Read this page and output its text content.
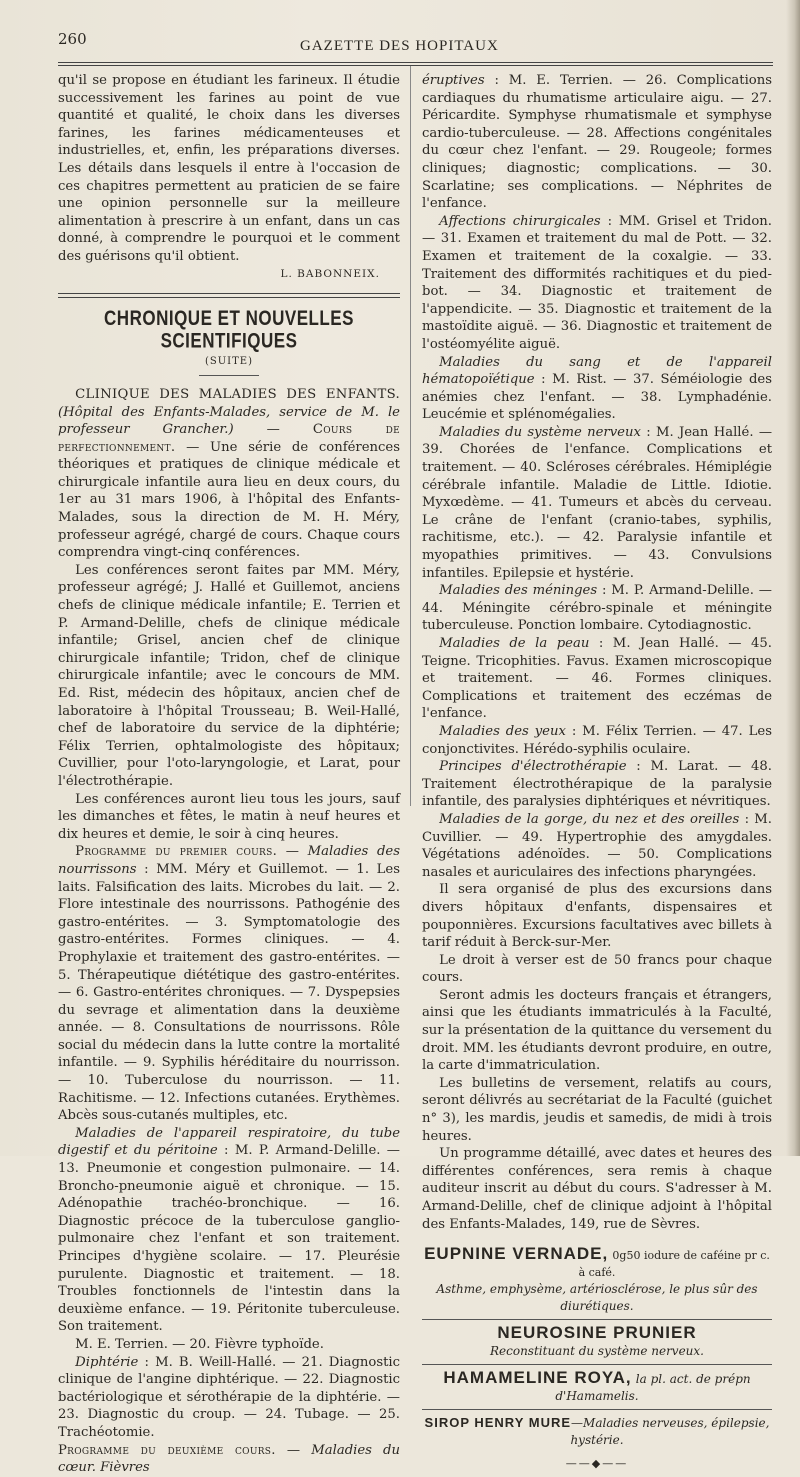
260	GAZETTE DES HOPITAUX

qu'il se propose en étudiant les farineux. Il étudie successivement les farines au point de vue quantité et qualité, le choix dans les diverses farines, les farines médicamenteuses et industrielles, et, enfin, les préparations diverses. Les détails dans lesquels il entre à l'occasion de ces chapitres permettent au praticien de se faire une opinion personnelle sur la meilleure alimentation à prescrire à un enfant, dans un cas donné, à comprendre le pourquoi et le comment des guérisons qu'il obtient.

L. BABONNEIX.
CHRONIQUE ET NOUVELLES SCIENTIFIQUES
(SUITE)

CLINIQUE DES MALADIES DES ENFANTS. (Hôpital des Enfants-Malades, service de M. le professeur Grancher.) — Cours de perfectionnement. — Une série de conférences théoriques et pratiques de clinique médicale et chirurgicale infantile aura lieu en deux cours, du 1er au 31 mars 1906, à l'hôpital des Enfants-Malades, sous la direction de M. H. Méry, professeur agrégé, chargé de cours. Chaque cours comprendra vingt-cinq conférences.

Les conférences seront faites par MM. Méry, professeur agrégé; J. Hallé et Guillemot, anciens chefs de clinique médicale infantile; E. Terrien et P. Armand-Delille, chefs de clinique médicale infantile; Grisel, ancien chef de clinique chirurgicale infantile; Tridon, chef de clinique chirurgicale infantile; avec le concours de MM. Ed. Rist, médecin des hôpitaux, ancien chef de laboratoire à l'hôpital Trousseau; B. Weil-Hallé, chef de laboratoire du service de la diphtérie; Félix Terrien, ophtalmologiste des hôpitaux; Cuvillier, pour l'oto-laryngologie, et Larat, pour l'électrothérapie.

Les conférences auront lieu tous les jours, sauf les dimanches et fêtes, le matin à neuf heures et dix heures et demie, le soir à cinq heures.

Programme du premier cours. — Maladies des nourrissons : MM. Méry et Guillemot. — 1. Les laits. Falsification des laits. Microbes du lait. — 2. Flore intestinale des nourrissons. Pathogénie des gastro-entérites. — 3. Symptomatologie des gastro-entérites. Formes cliniques. — 4. Prophylaxie et traitement des gastro-entérites. — 5. Thérapeutique diététique des gastro-entérites. — 6. Gastro-entérites chroniques. — 7. Dyspepsies du sevrage et alimentation dans la deuxième année. — 8. Consultations de nourrissons. Rôle social du médecin dans la lutte contre la mortalité infantile. — 9. Syphilis héréditaire du nourrisson. — 10. Tuberculose du nourrisson. — 11. Rachitisme. — 12. Infections cutanées. Erythèmes. Abcès sous-cutanés multiples, etc.

Maladies de l'appareil respiratoire, du tube digestif et du péritoine : M. P. Armand-Delille. — 13. Pneumonie et congestion pulmonaire. — 14. Broncho-pneumonie aiguë et chronique. — 15. Adénopathie trachéo-bronchique. — 16. Diagnostic précoce de la tuberculose ganglio-pulmonaire chez l'enfant et son traitement. Principes d'hygiène scolaire. — 17. Pleurésie purulente. Diagnostic et traitement. — 18. Troubles fonctionnels de l'intestin dans la deuxième enfance. — 19. Péritonite tuberculeuse. Son traitement.

M. E. Terrien. — 20. Fièvre typhoïde.

Diphtérie : M. B. Weill-Hallé. — 21. Diagnostic clinique de l'angine diphtérique. — 22. Diagnostic bactériologique et sérothérapie de la diphtérie. — 23. Diagnostic du croup. — 24. Tubage. — 25. Trachéotomie.

Programme du deuxième cours. — Maladies du cœur. Fièvres

éruptives : M. E. Terrien. — 26. Complications cardiaques du rhumatisme articulaire aigu. — 27. Péricardite. Symphyse rhumatismale et symphyse cardio-tuberculeuse. — 28. Affections congénitales du cœur chez l'enfant. — 29. Rougeole; formes cliniques; diagnostic; complications. — 30. Scarlatine; ses complications. — Néphrites de l'enfance.

Affections chirurgicales : MM. Grisel et Tridon. — 31. Examen et traitement du mal de Pott. — 32. Examen et traitement de la coxalgie. — 33. Traitement des difformités rachitiques et du pied-bot. — 34. Diagnostic et traitement de l'appendicite. — 35. Diagnostic et traitement de la mastoïdite aiguë. — 36. Diagnostic et traitement de l'ostéomyélite aiguë.

Maladies du sang et de l'appareil hématopoïétique : M. Rist. — 37. Séméiologie des anémies chez l'enfant. — 38. Lymphadénie. Leucémie et splénomégalies.

Maladies du système nerveux : M. Jean Hallé. — 39. Chorées de l'enfance. Complications et traitement. — 40. Scléroses cérébrales. Hémiplégie cérébrale infantile. Maladie de Little. Idiotie. Myxœdème. — 41. Tumeurs et abcès du cerveau. Le crâne de l'enfant (cranio-tabes, syphilis, rachitisme, etc.). — 42. Paralysie infantile et myopathies primitives. — 43. Convulsions infantiles. Epilepsie et hystérie.

Maladies des méninges : M. P. Armand-Delille. — 44. Méningite cérébro-spinale et méningite tuberculeuse. Ponction lombaire. Cytodiagnostic.

Maladies de la peau : M. Jean Hallé. — 45. Teigne. Tricophities. Favus. Examen microscopique et traitement. — 46. Formes cliniques. Complications et traitement des eczémas de l'enfance.

Maladies des yeux : M. Félix Terrien. — 47. Les conjonctivites. Hérédo-syphilis oculaire.

Principes d'électrothérapie : M. Larat. — 48. Traitement électrothérapique de la paralysie infantile, des paralysies diphtériques et névritiques.

Maladies de la gorge, du nez et des oreilles : M. Cuvillier. — 49. Hypertrophie des amygdales. Végétations adénoïdes. — 50. Complications nasales et auriculaires des infections pharyngées.

Il sera organisé de plus des excursions dans divers hôpitaux d'enfants, dispensaires et pouponnières. Excursions facultatives avec billets à tarif réduit à Berck-sur-Mer.

Le droit à verser est de 50 francs pour chaque cours.

Seront admis les docteurs français et étrangers, ainsi que les étudiants immatriculés à la Faculté, sur la présentation de la quittance du versement du droit. MM. les étudiants devront produire, en outre, la carte d'immatriculation.

Les bulletins de versement, relatifs au cours, seront délivrés au secrétariat de la Faculté (guichet n° 3), les mardis, jeudis et samedis, de midi à trois heures.

Un programme détaillé, avec dates et heures des différentes conférences, sera remis à chaque auditeur inscrit au début du cours. S'adresser à M. Armand-Delille, chef de clinique adjoint à l'hôpital des Enfants-Malades, 149, rue de Sèvres.

EUPNINE VERNADE, 0g50 iodure de caféine pr c. à café.
Asthme, emphysème, artériosclérose, le plus sûr des diurétiques.
NEUROSINE PRUNIER
Reconstituant du système nerveux.
HAMAMELINE ROYA, la pl. act. de prépn d'Hamamelis.
SIROP HENRY MURE—Maladies nerveuses, épilepsie, hystérie.
——◆——
